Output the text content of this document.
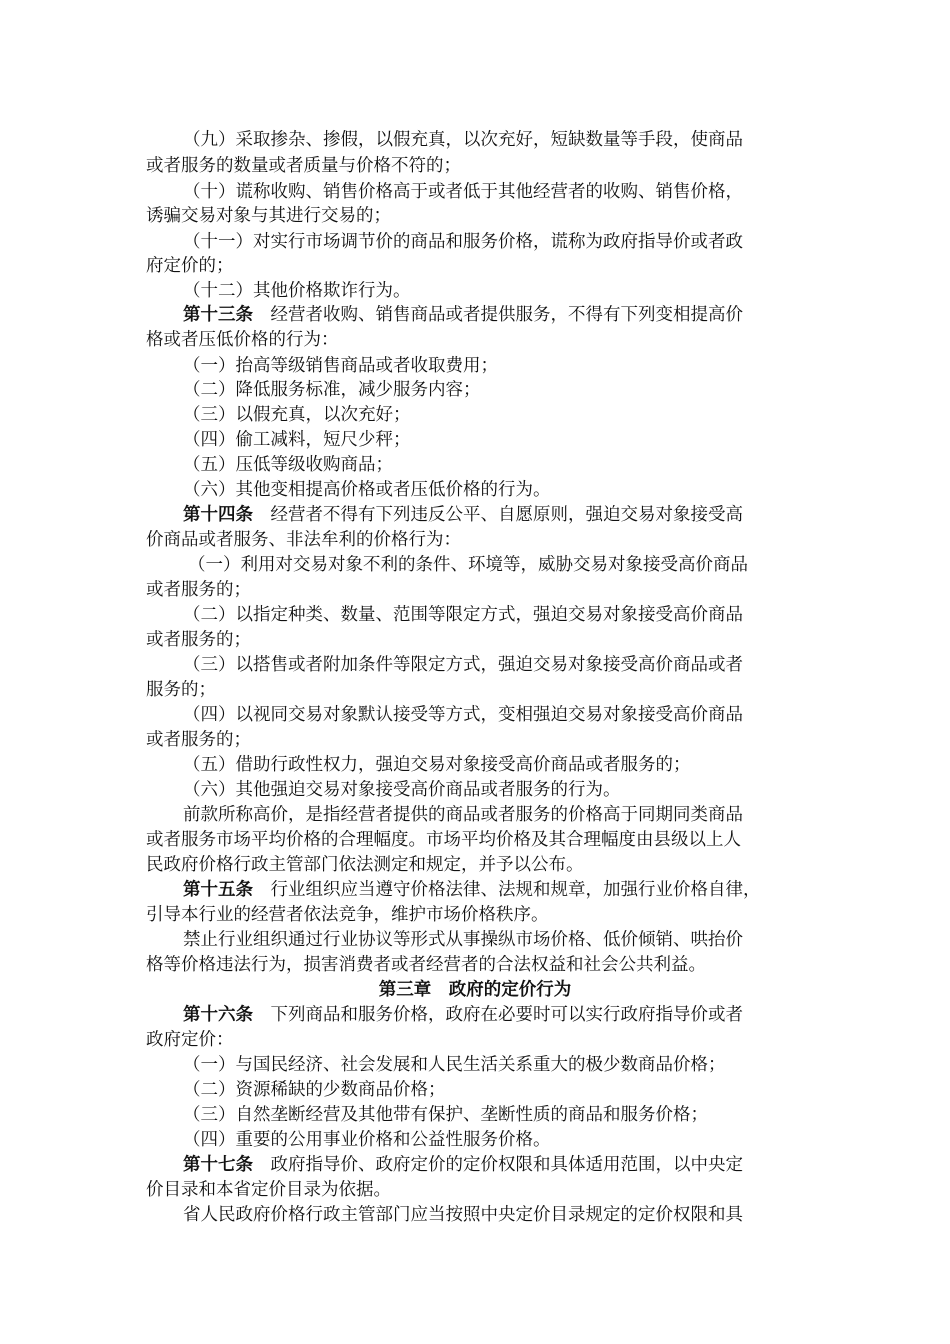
（九）采取掺杂、掺假，以假充真，以次充好，短缺数量等手段，使商品
或者服务的数量或者质量与价格不符的；
（十）谎称收购、销售价格高于或者低于其他经营者的收购、销售价格，
诱骗交易对象与其进行交易的；
（十一）对实行市场调节价的商品和服务价格，谎称为政府指导价或者政
府定价的；
（十二）其他价格欺诈行为。
第十三条　经营者收购、销售商品或者提供服务，不得有下列变相提高价
格或者压低价格的行为：
（一）抬高等级销售商品或者收取费用；
（二）降低服务标准，减少服务内容；
（三）以假充真，以次充好；
（四）偷工减料，短尺少秤；
（五）压低等级收购商品；
（六）其他变相提高价格或者压低价格的行为。
第十四条　经营者不得有下列违反公平、自愿原则，强迫交易对象接受高
价商品或者服务、非法牟利的价格行为：
（一）利用对交易对象不利的条件、环境等，威胁交易对象接受高价商品
或者服务的；
（二）以指定种类、数量、范围等限定方式，强迫交易对象接受高价商品
或者服务的；
（三）以搭售或者附加条件等限定方式，强迫交易对象接受高价商品或者
服务的；
（四）以视同交易对象默认接受等方式，变相强迫交易对象接受高价商品
或者服务的；
（五）借助行政性权力，强迫交易对象接受高价商品或者服务的；
（六）其他强迫交易对象接受高价商品或者服务的行为。
前款所称高价，是指经营者提供的商品或者服务的价格高于同期同类商品
或者服务市场平均价格的合理幅度。市场平均价格及其合理幅度由县级以上人
民政府价格行政主管部门依法测定和规定，并予以公布。
第十五条　行业组织应当遵守价格法律、法规和规章，加强行业价格自律，
引导本行业的经营者依法竞争，维护市场价格秩序。
禁止行业组织通过行业协议等形式从事操纵市场价格、低价倾销、哄抬价
格等价格违法行为，损害消费者或者经营者的合法权益和社会公共利益。
第三章　政府的定价行为
第十六条　下列商品和服务价格，政府在必要时可以实行政府指导价或者
政府定价：
（一）与国民经济、社会发展和人民生活关系重大的极少数商品价格；
（二）资源稀缺的少数商品价格；
（三）自然垄断经营及其他带有保护、垄断性质的商品和服务价格；
（四）重要的公用事业价格和公益性服务价格。
第十七条　政府指导价、政府定价的定价权限和具体适用范围，以中央定
价目录和本省定价目录为依据。
省人民政府价格行政主管部门应当按照中央定价目录规定的定价权限和具
